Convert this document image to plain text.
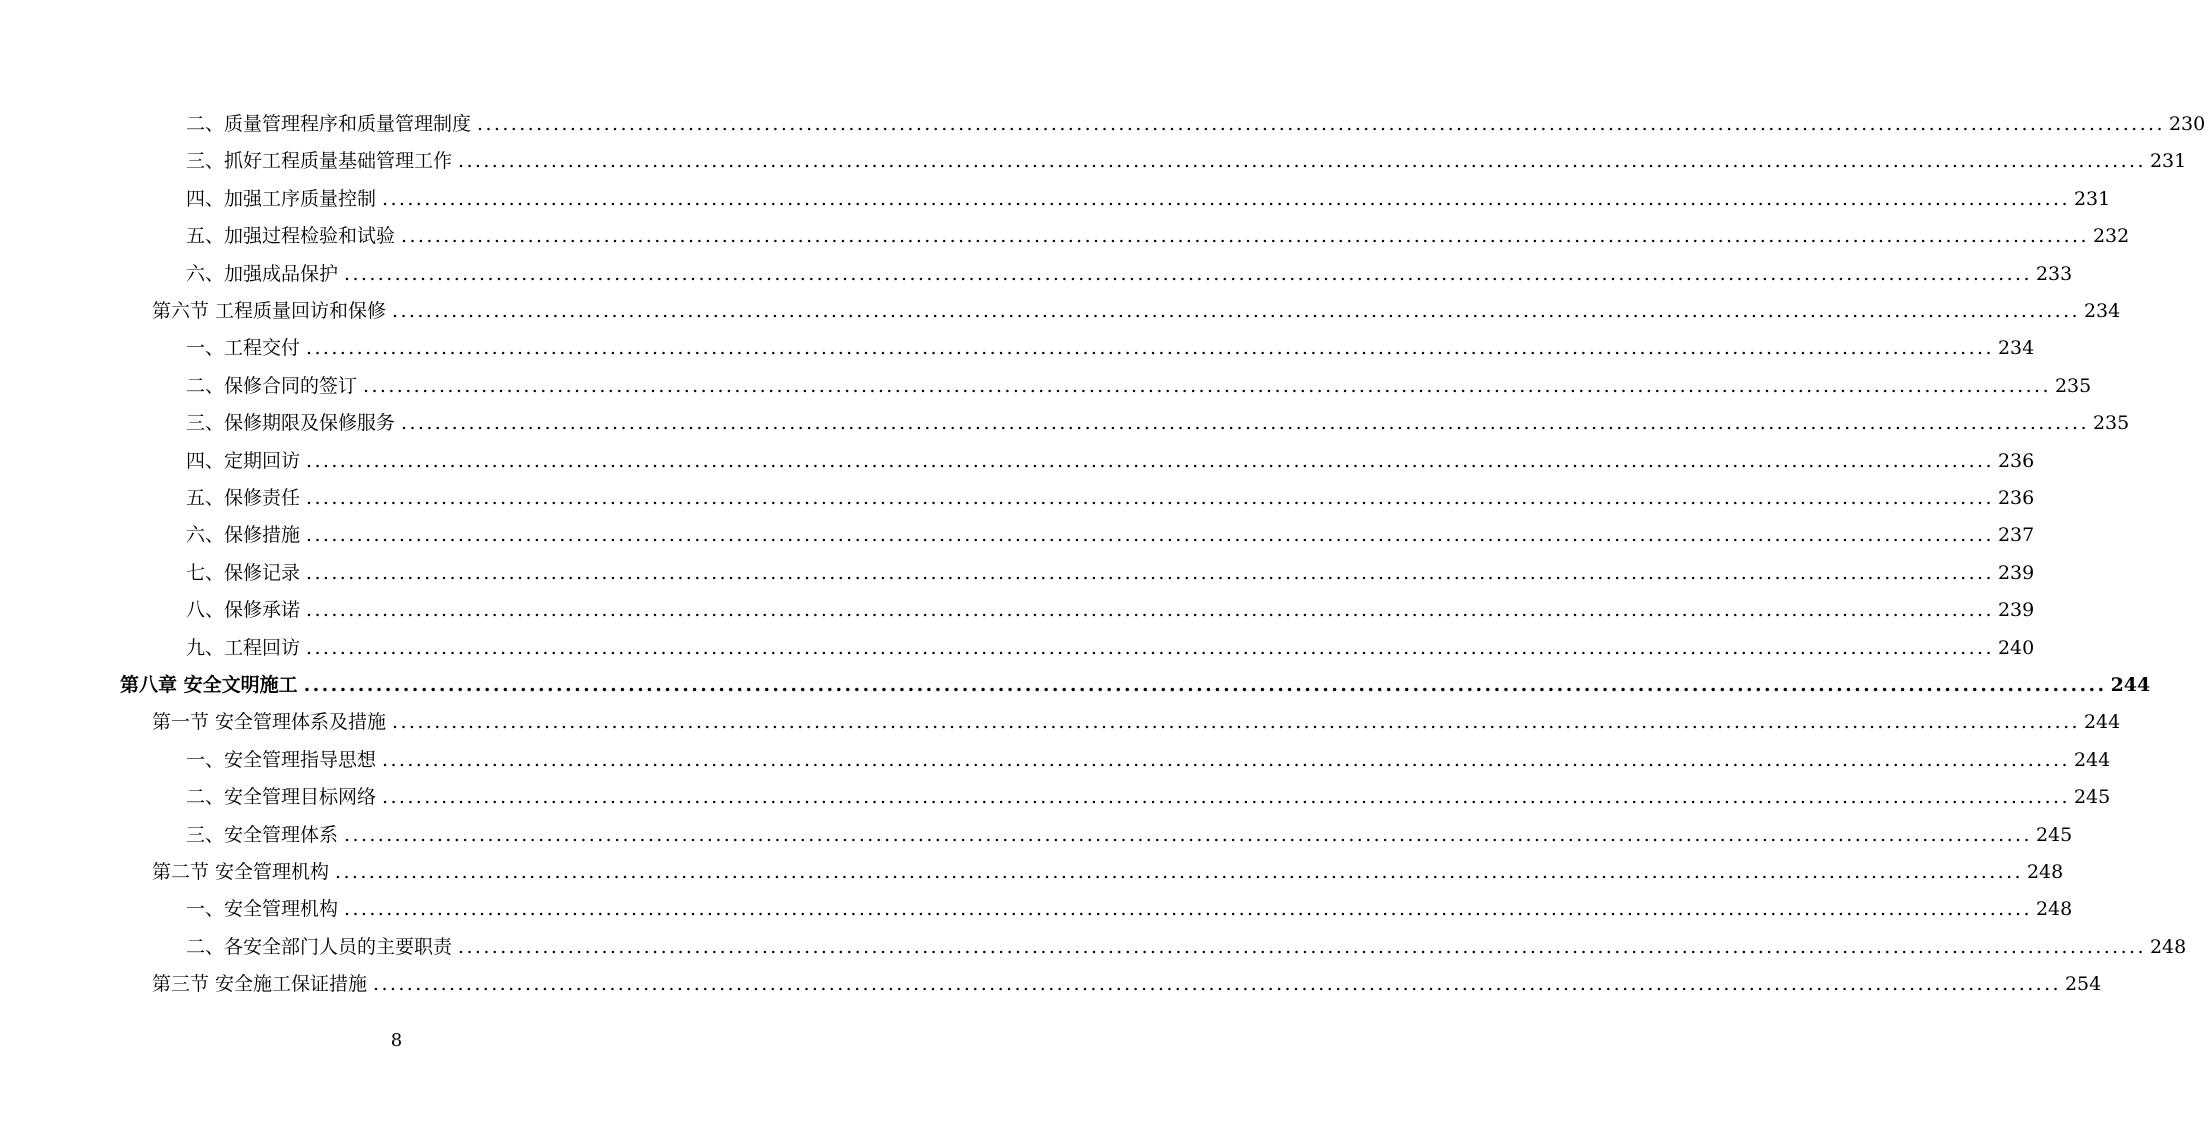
二、质量管理程序和质量管理制度 ........................................................................................................................................................................................................ 230
三、抓好工程质量基础管理工作 ........................................................................................................................................................................................................ 231
四、加强工序质量控制 ........................................................................................................................................................................................................ 231
五、加强过程检验和试验 ........................................................................................................................................................................................................ 232
六、加强成品保护 ........................................................................................................................................................................................................ 233
第六节 工程质量回访和保修 ........................................................................................................................................................................................................ 234
一、工程交付 ........................................................................................................................................................................................................ 234
二、保修合同的签订 ........................................................................................................................................................................................................ 235
三、保修期限及保修服务 ........................................................................................................................................................................................................ 235
四、定期回访 ........................................................................................................................................................................................................ 236
五、保修责任 ........................................................................................................................................................................................................ 236
六、保修措施 ........................................................................................................................................................................................................ 237
七、保修记录 ........................................................................................................................................................................................................ 239
八、保修承诺 ........................................................................................................................................................................................................ 239
九、工程回访 ........................................................................................................................................................................................................ 240
第八章 安全文明施工 ........................................................................................................................................................................................................ 244
第一节 安全管理体系及措施 ........................................................................................................................................................................................................ 244
一、安全管理指导思想 ........................................................................................................................................................................................................ 244
二、安全管理目标网络 ........................................................................................................................................................................................................ 245
三、安全管理体系 ........................................................................................................................................................................................................ 245
第二节 安全管理机构 ........................................................................................................................................................................................................ 248
一、安全管理机构 ........................................................................................................................................................................................................ 248
二、各安全部门人员的主要职责 ........................................................................................................................................................................................................ 248
第三节 安全施工保证措施 ........................................................................................................................................................................................................ 254
8
